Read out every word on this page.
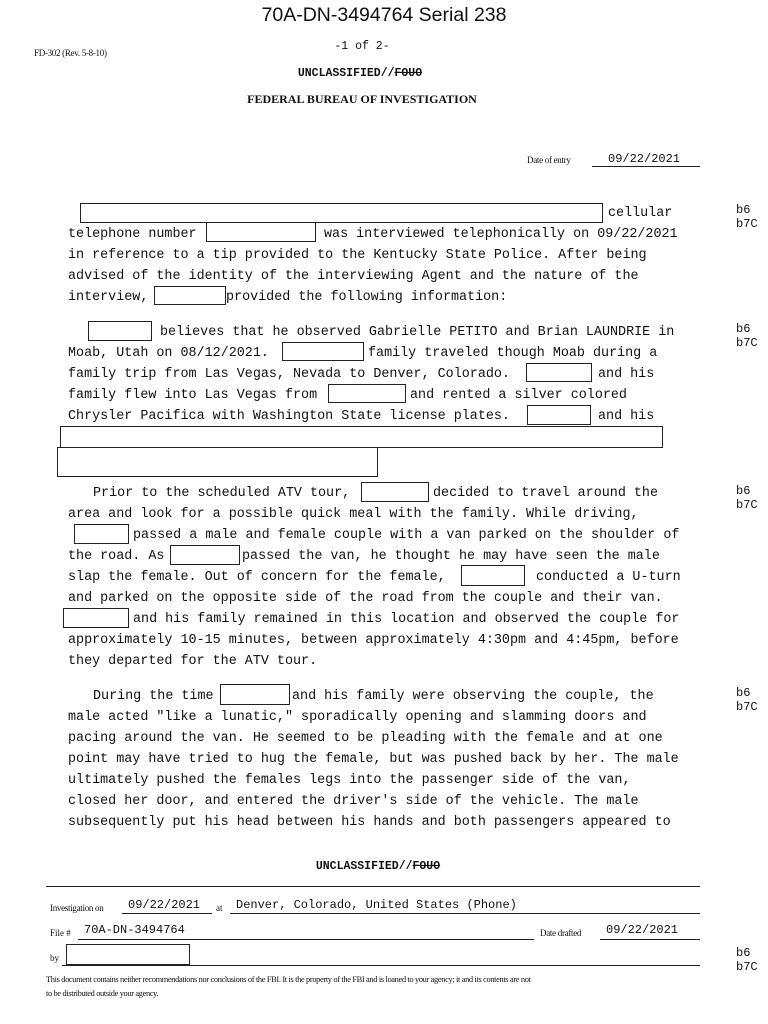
70A-DN-3494764 Serial 238
FD-302 (Rev. 5-8-10)	-1 of 2-
UNCLASSIFIED//FOUO
FEDERAL BUREAU OF INVESTIGATION
Date of entry	09/22/2021
cellular
telephone number	was interviewed telephonically on 09/22/2021
in reference to a tip provided to the Kentucky State Police. After being
advised of the identity of the interviewing Agent and the nature of the
interview,	provided the following information:
b6
b7C
believes that he observed Gabrielle PETITO and Brian LAUNDRIE in
Moab, Utah on 08/12/2021.	family traveled though Moab during a
family trip from Las Vegas, Nevada to Denver, Colorado.	and his
family flew into Las Vegas from	and rented a silver colored
Chrysler Pacifica with Washington State license plates.	and his
b6
b7C
Prior to the scheduled ATV tour,	decided to travel around the
area and look for a possible quick meal with the family. While driving,
passed a male and female couple with a van parked on the shoulder of
the road. As	passed the van, he thought he may have seen the male
slap the female. Out of concern for the female,	conducted a U-turn
and parked on the opposite side of the road from the couple and their van.
and his family remained in this location and observed the couple for
approximately 10-15 minutes, between approximately 4:30pm and 4:45pm, before
they departed for the ATV tour.
b6
b7C
During the time	and his family were observing the couple, the
male acted "like a lunatic," sporadically opening and slamming doors and
pacing around the van. He seemed to be pleading with the female and at one
point may have tried to hug the female, but was pushed back by her. The male
ultimately pushed the females legs into the passenger side of the van,
closed her door, and entered the driver's side of the vehicle. The male
subsequently put his head between his hands and both passengers appeared to
b6
b7C
UNCLASSIFIED//FOUO
Investigation on 09/22/2021 at Denver, Colorado, United States (Phone)
File # 70A-DN-3494764	Date drafted 09/22/2021
by	b6
b7C
This document contains neither recommendations nor conclusions of the FBI. It is the property of the FBI and is loaned to your agency; it and its contents are not
to be distributed outside your agency.
